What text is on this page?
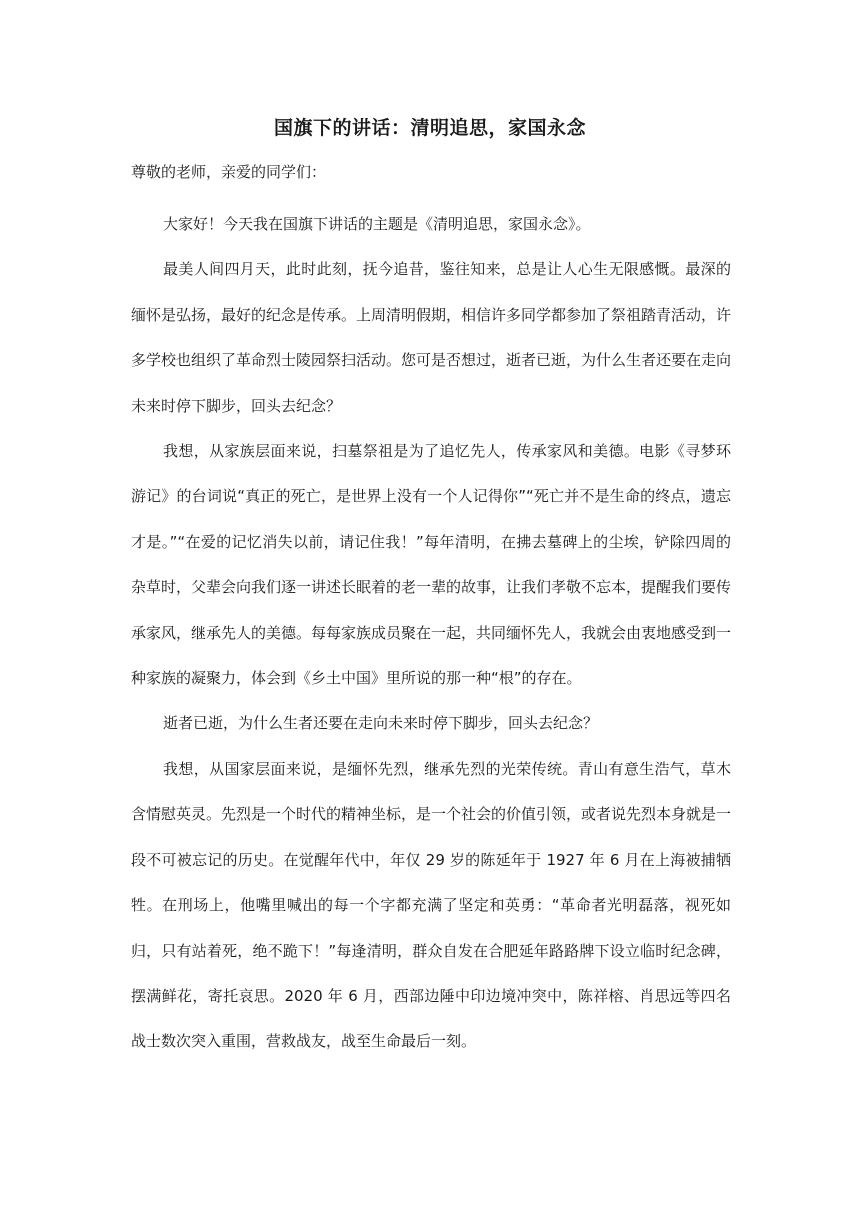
国旗下的讲话：清明追思，家国永念
尊敬的老师，亲爱的同学们：

大家好！今天我在国旗下讲话的主题是《清明追思，家国永念》。

最美人间四月天，此时此刻，抚今追昔，鉴往知来，总是让人心生无限感慨。最深的缅怀是弘扬，最好的纪念是传承。上周清明假期，相信许多同学都参加了祭祖踏青活动，许多学校也组织了革命烈士陵园祭扫活动。您可是否想过，逝者已逝，为什么生者还要在走向未来时停下脚步，回头去纪念？

我想，从家族层面来说，扫墓祭祖是为了追忆先人，传承家风和美德。电影《寻梦环游记》的台词说“真正的死亡，是世界上没有一个人记得你”“死亡并不是生命的终点，遗忘才是。”“在爱的记忆消失以前，请记住我！”每年清明，在拂去墓碑上的尘埃，铲除四周的杂草时，父辈会向我们逐一讲述长眠着的老一辈的故事，让我们孝敬不忘本，提醒我们要传承家风，继承先人的美德。每每家族成员聚在一起，共同缅怀先人，我就会由衷地感受到一种家族的凝聚力，体会到《乡土中国》里所说的那一种“根”的存在。

逝者已逝，为什么生者还要在走向未来时停下脚步，回头去纪念？

我想，从国家层面来说，是缅怀先烈，继承先烈的光荣传统。青山有意生浩气，草木含情慰英灵。先烈是一个时代的精神坐标，是一个社会的价值引领，或者说先烈本身就是一段不可被忘记的历史。在觉醒年代中，年仅 29 岁的陈延年于 1927 年 6 月在上海被捕牺牲。在刑场上，他嘴里喊出的每一个字都充满了坚定和英勇：“革命者光明磊落，视死如归，只有站着死，绝不跪下！”每逢清明，群众自发在合肥延年路路牌下设立临时纪念碑，摆满鲜花，寄托哀思。2020 年 6 月，西部边陲中印边境冲突中，陈祥榕、肖思远等四名战士数次突入重围，营救战友，战至生命最后一刻。
